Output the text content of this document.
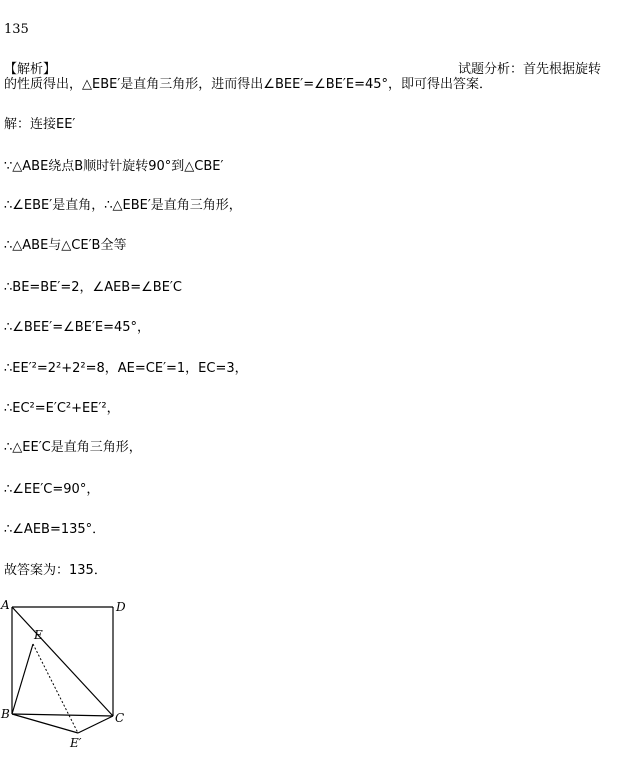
135
【解析】	试题分析：首先根据旋转
的性质得出，△EBE′是直角三角形，进而得出∠BEE′=∠BE′E=45°，即可得出答案．
解：连接EE′
∵△ABE绕点B顺时针旋转90°到△CBE′
∴∠EBE′是直角，∴△EBE′是直角三角形，
∴△ABE与△CE′B全等
∴BE=BE′=2，∠AEB=∠BE′C
∴∠BEE′=∠BE′E=45°，
∴EE′²=2²+2²=8，AE=CE′=1，EC=3，
∴EC²=E′C²+EE′²，
∴△EE′C是直角三角形，
∴∠EE′C=90°，
∴∠AEB=135°．
故答案为：135．
A	D
E
B	C
E′
